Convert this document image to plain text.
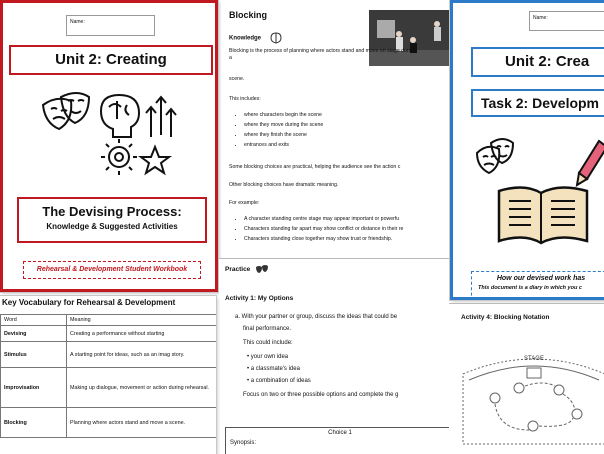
Name:
Unit 2: Creating
The Devising Process:
Knowledge & Suggested Activities
Rehearsal & Development Student Workbook
Blocking
Knowledge
Blocking is the process of planning where actors stand and move on stage during a
scene.
This includes:
• where characters begin the scene
• where they move during the scene
• where they finish the scene
• entrances and exits
Some blocking choices are practical, helping the audience see the action c
Other blocking choices have dramatic meaning.
For example:
• A character standing centre stage may appear important or powerfu
• Characters standing far apart may show conflict or distance in their re
• Characters standing close together may show trust or friendship.
Practice
Activity 1: My Options
a. With your partner or group, discuss the ideas that could be
final performance.
This could include:
• your own idea
• a classmate's idea
• a combination of ideas
Focus on two or three possible options and complete the g
Choice 1
Synopsis:
Key Vocabulary for Rehearsal & Development
Word	Meaning
Devising	Creating a performance without starting
Stimulus	A starting point for ideas, such as an imag story.
Improvisation	Making up dialogue, movement or action during rehearsal.
Blocking	Planning where actors stand and move a scene.
Name:
Unit 2: Crea
Task 2: Developm
How our devised work has
This document is a diary in which you c
Activity 4: Blocking Notation
STAGE
